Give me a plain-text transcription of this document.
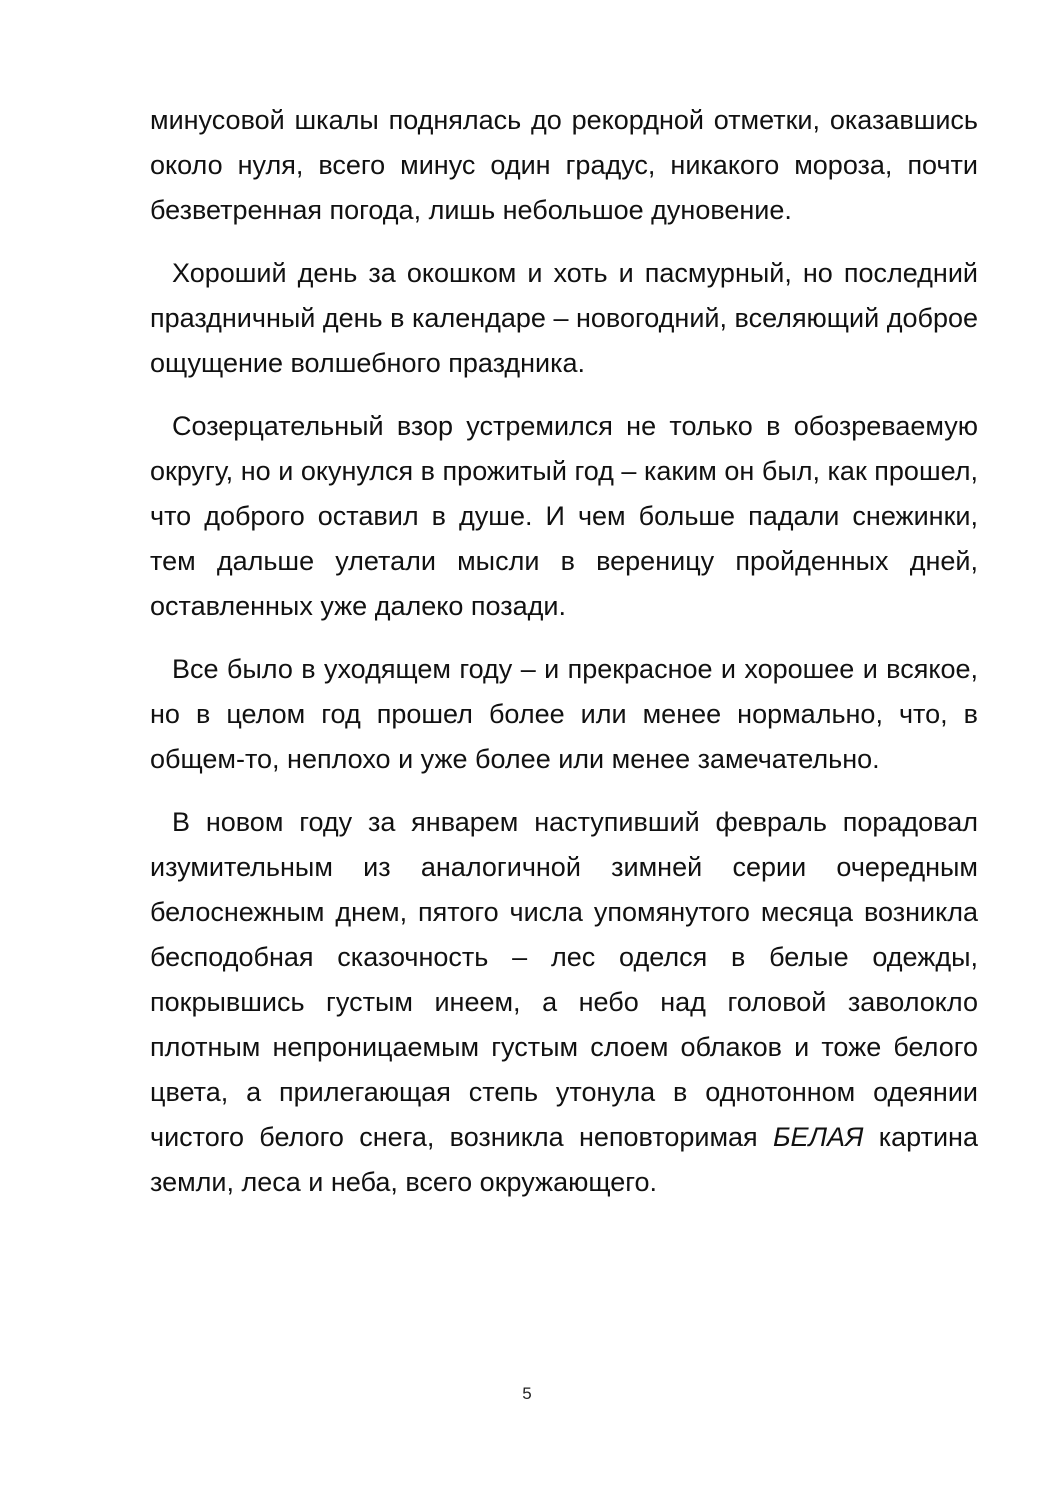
минусовой шкалы поднялась до рекордной отметки, оказавшись около нуля, всего минус один градус, никакого мороза, почти безветренная погода, лишь небольшое дуновение.

Хороший день за окошком и хоть и пасмурный, но последний праздничный день в календаре – новогодний, вселяющий доброе ощущение волшебного праздника.

Созерцательный взор устремился не только в обозреваемую округу, но и окунулся в прожитый год – каким он был, как прошел, что доброго оставил в душе. И чем больше падали снежинки, тем дальше улетали мысли в вереницу пройденных дней, оставленных уже далеко позади.

Все было в уходящем году – и прекрасное и хорошее и всякое, но в целом год прошел более или менее нормально, что, в общем-то, неплохо и уже более или менее замечательно.

В новом году за январем наступивший февраль порадовал изумительным из аналогичной зимней серии очередным белоснежным днем, пятого числа упомянутого месяца возникла бесподобная сказочность – лес оделся в белые одежды, покрывшись густым инеем, а небо над головой заволокло плотным непроницаемым густым слоем облаков и тоже белого цвета, а прилегающая степь утонула в однотонном одеянии чистого белого снега, возникла неповторимая БЕЛАЯ картина земли, леса и неба, всего окружающего.

5
